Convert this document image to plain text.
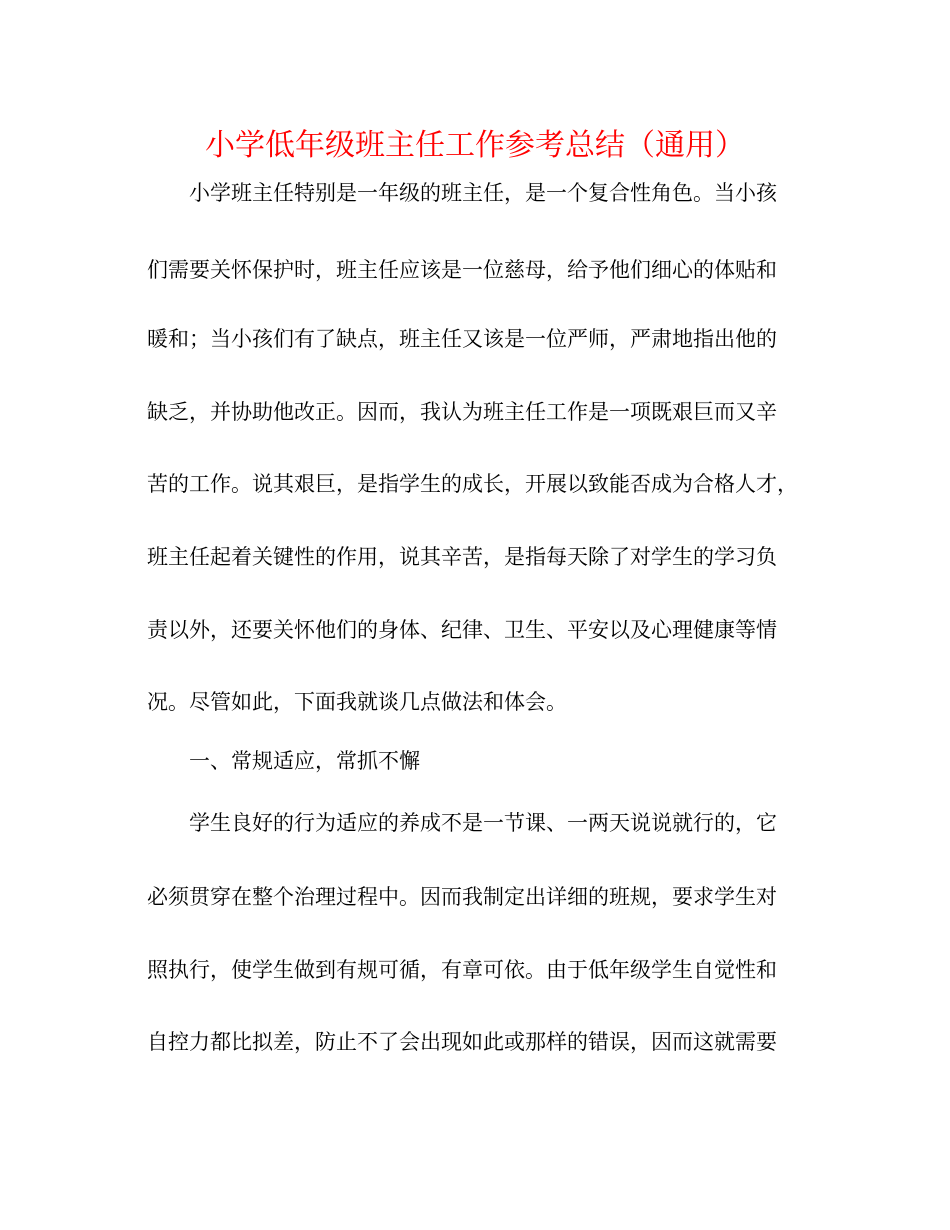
小学低年级班主任工作参考总结（通用）

小学班主任特别是一年级的班主任，是一个复合性角色。当小孩

们需要关怀保护时，班主任应该是一位慈母，给予他们细心的体贴和

暖和；当小孩们有了缺点，班主任又该是一位严师，严肃地指出他的

缺乏，并协助他改正。因而，我认为班主任工作是一项既艰巨而又辛

苦的工作。说其艰巨，是指学生的成长，开展以致能否成为合格人才，

班主任起着关键性的作用，说其辛苦，是指每天除了对学生的学习负

责以外，还要关怀他们的身体、纪律、卫生、平安以及心理健康等情

况。尽管如此，下面我就谈几点做法和体会。

一、常规适应，常抓不懈

学生良好的行为适应的养成不是一节课、一两天说说就行的，它

必须贯穿在整个治理过程中。因而我制定出详细的班规，要求学生对

照执行，使学生做到有规可循，有章可依。由于低年级学生自觉性和

自控力都比拟差，防止不了会出现如此或那样的错误，因而这就需要
